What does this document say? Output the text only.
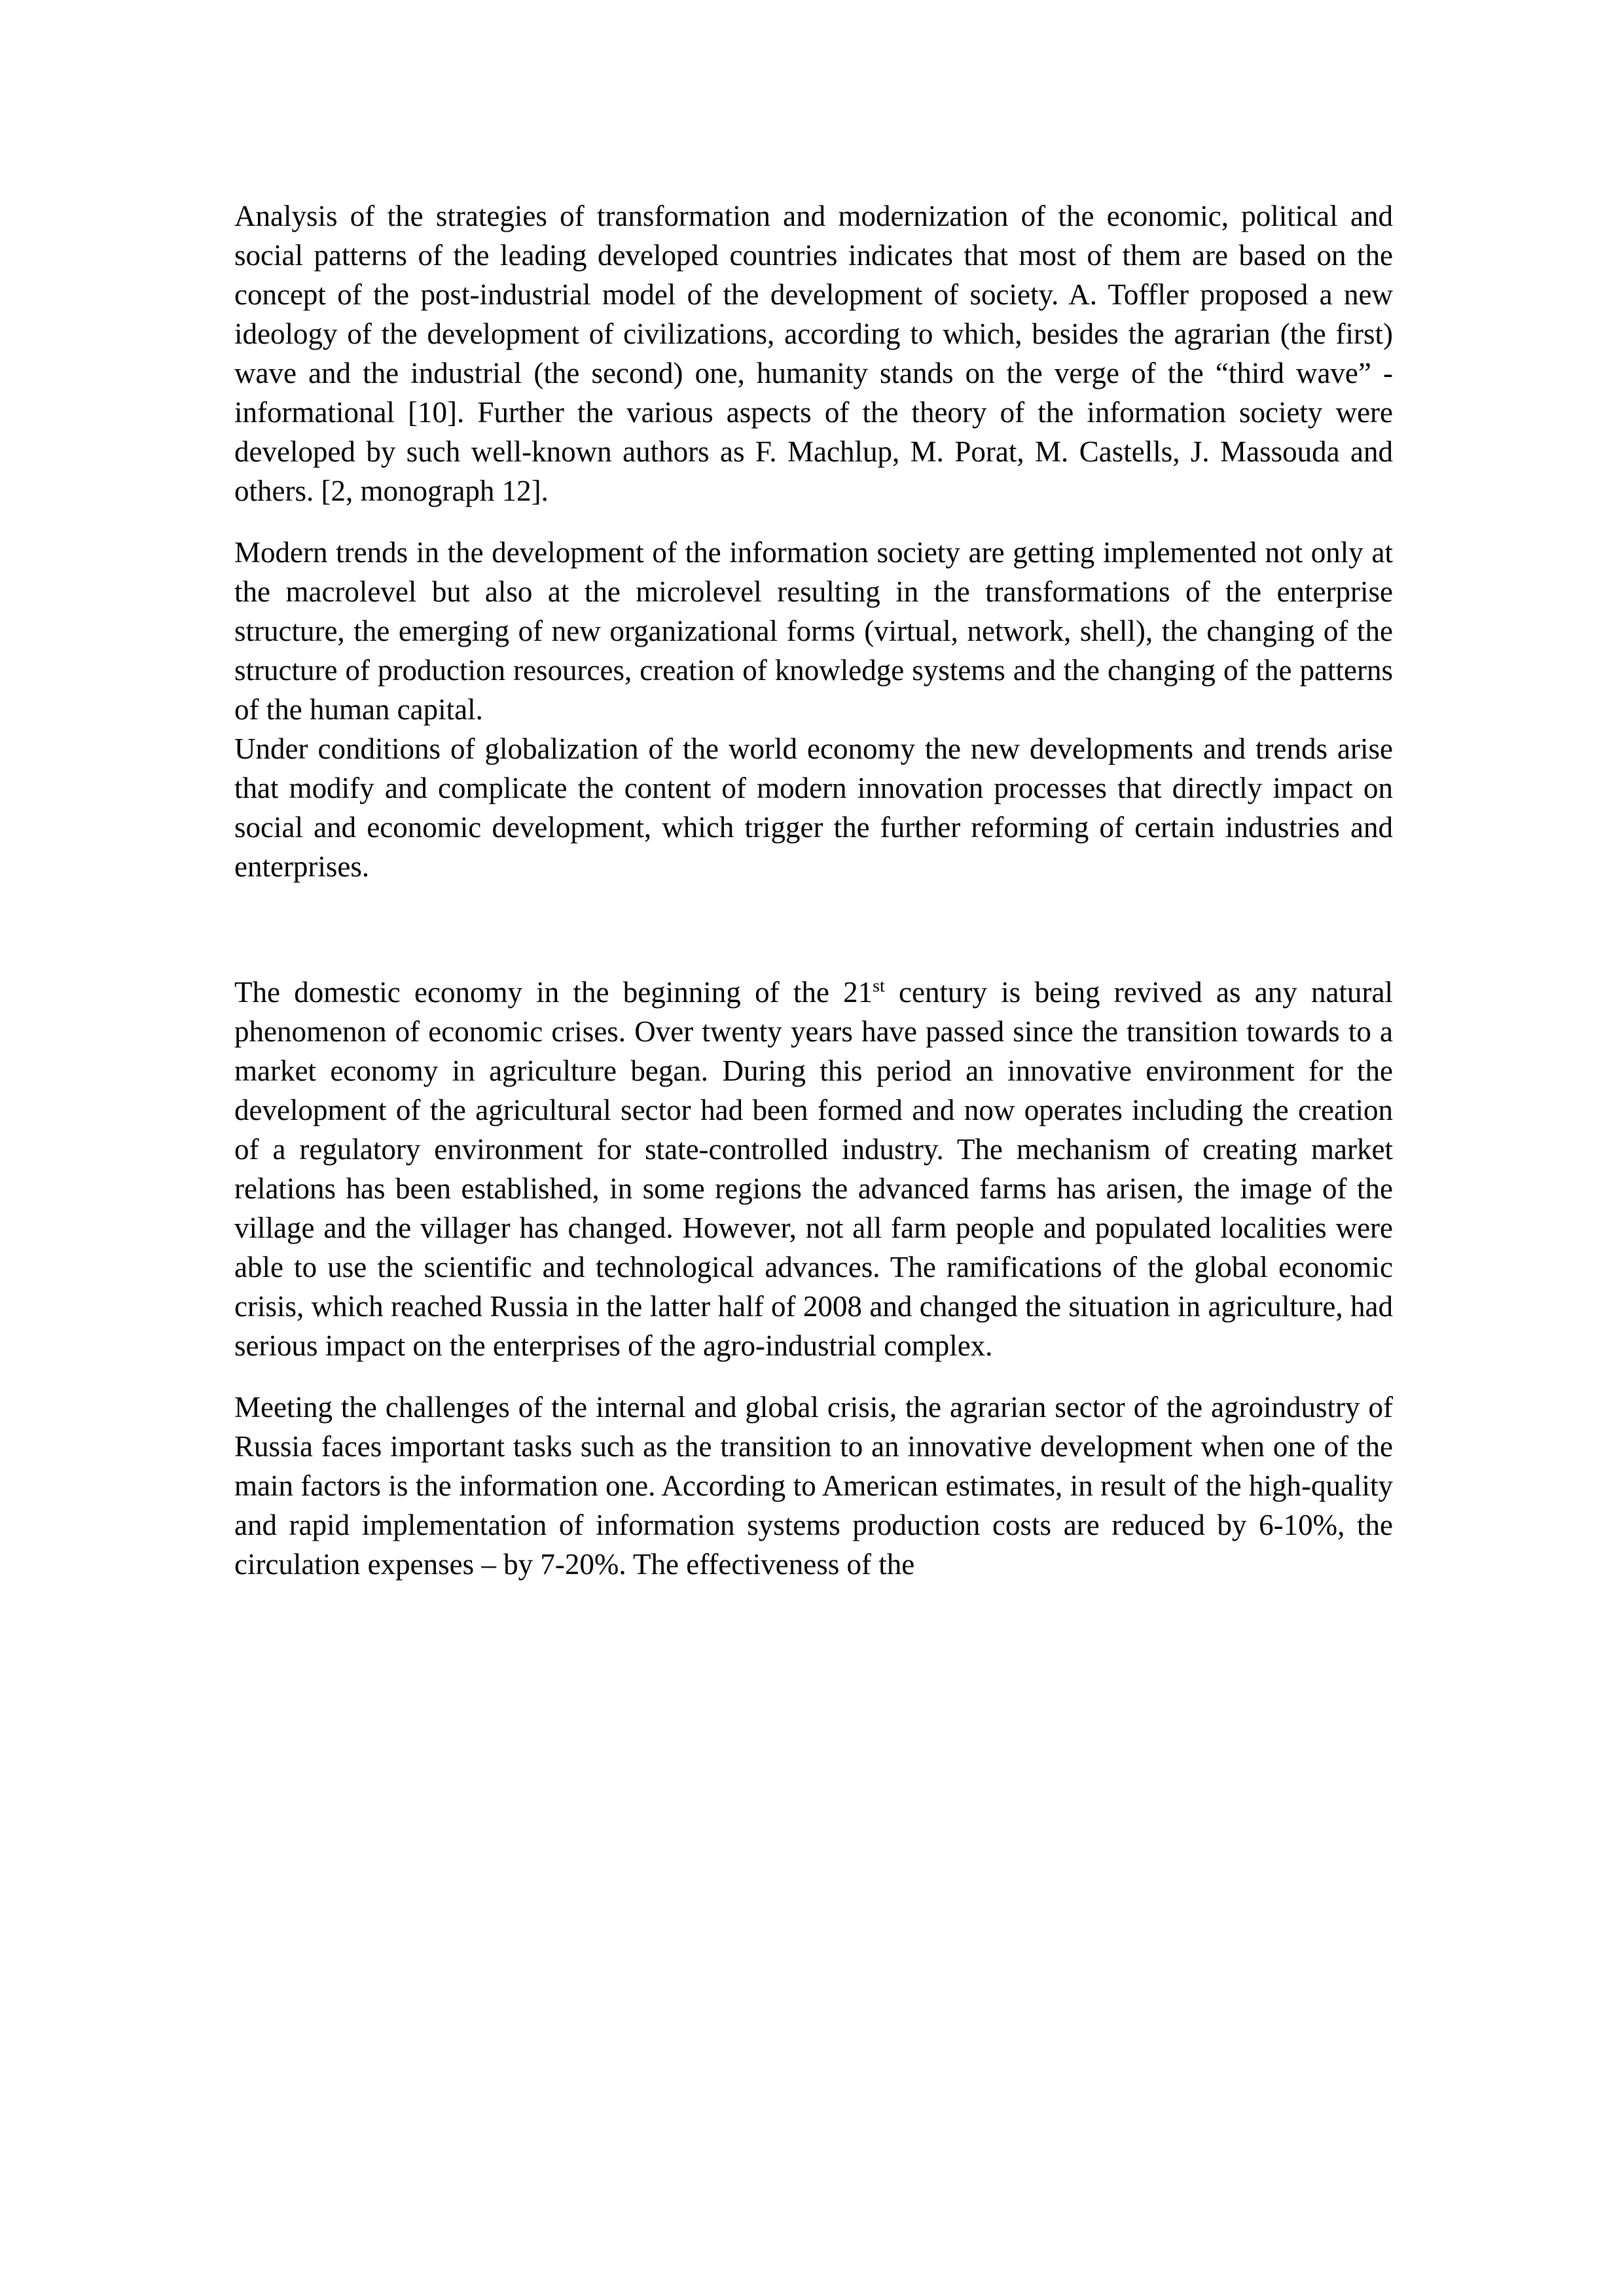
Analysis of the strategies of transformation and modernization of the economic, political and social patterns of the leading developed countries indicates that most of them are based on the concept of the post-industrial model of the development of society. A. Toffler proposed a new ideology of the development of civilizations, according to which, besides the agrarian (the first) wave and the industrial (the second) one, humanity stands on the verge of the “third wave” - informational [10]. Further the various aspects of the theory of the information society were developed by such well-known authors as F. Machlup, M. Porat, M. Castells, J. Massouda and others. [2, monograph 12].

Modern trends in the development of the information society are getting implemented not only at the macrolevel but also at the microlevel resulting in the transformations of the enterprise structure, the emerging of new organizational forms (virtual, network, shell), the changing of the structure of production resources, creation of knowledge systems and the changing of the patterns of the human capital.

Under conditions of globalization of the world economy the new developments and trends arise that modify and complicate the content of modern innovation processes that directly impact on social and economic development, which trigger the further reforming of certain industries and enterprises.

The domestic economy in the beginning of the 21st century is being revived as any natural phenomenon of economic crises. Over twenty years have passed since the transition towards to a market economy in agriculture began. During this period an innovative environment for the development of the agricultural sector had been formed and now operates including the creation of a regulatory environment for state-controlled industry. The mechanism of creating market relations has been established, in some regions the advanced farms has arisen, the image of the village and the villager has changed. However, not all farm people and populated localities were able to use the scientific and technological advances. The ramifications of the global economic crisis, which reached Russia in the latter half of 2008 and changed the situation in agriculture, had serious impact on the enterprises of the agro-industrial complex.

Meeting the challenges of the internal and global crisis, the agrarian sector of the agroindustry of Russia faces important tasks such as the transition to an innovative development when one of the main factors is the information one. According to American estimates, in result of the high-quality and rapid implementation of information systems production costs are reduced by 6-10%, the circulation expenses – by 7-20%. The effectiveness of the
